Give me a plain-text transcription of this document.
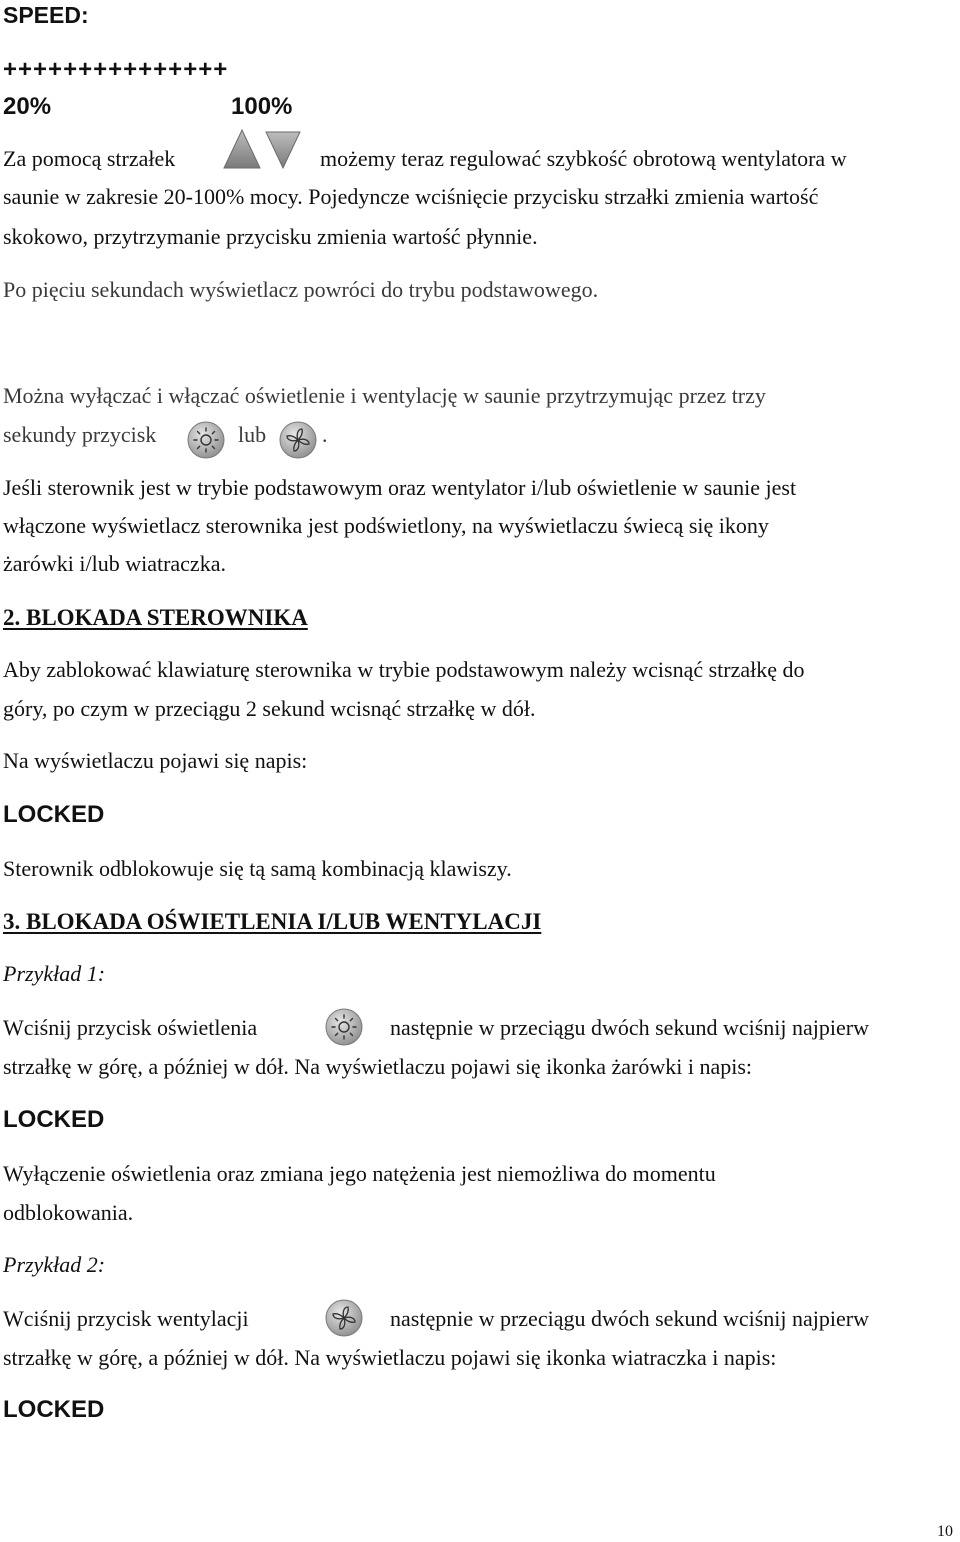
SPEED:
+++++++++++++++
20%	100%
Za pomocą strzałek	możemy teraz regulować szybkość obrotową wentylatora w
saunie w zakresie 20-100% mocy. Pojedyncze wciśnięcie przycisku strzałki zmienia wartość
skokowo, przytrzymanie przycisku zmienia wartość płynnie.
Po pięciu sekundach wyświetlacz powróci do trybu podstawowego.
Można wyłączać i włączać oświetlenie i wentylację w saunie przytrzymując przez trzy
sekundy przycisk	lub	.
Jeśli sterownik jest w trybie podstawowym oraz wentylator i/lub oświetlenie w saunie jest
włączone wyświetlacz sterownika jest podświetlony, na wyświetlaczu świecą się ikony
żarówki i/lub wiatraczka.
2. BLOKADA STEROWNIKA
Aby zablokować klawiaturę sterownika w trybie podstawowym należy wcisnąć strzałkę do
góry, po czym w przeciągu 2 sekund wcisnąć strzałkę w dół.
Na wyświetlaczu pojawi się napis:
LOCKED
Sterownik odblokowuje się tą samą kombinacją klawiszy.
3. BLOKADA OŚWIETLENIA I/LUB WENTYLACJI
Przykład 1:
Wciśnij przycisk oświetlenia	następnie w przeciągu dwóch sekund wciśnij najpierw
strzałkę w górę, a później w dół. Na wyświetlaczu pojawi się ikonka żarówki i napis:
LOCKED
Wyłączenie oświetlenia oraz zmiana jego natężenia jest niemożliwa do momentu
odblokowania.
Przykład 2:
Wciśnij przycisk wentylacji	następnie w przeciągu dwóch sekund wciśnij najpierw
strzałkę w górę, a później w dół. Na wyświetlaczu pojawi się ikonka wiatraczka i napis:
LOCKED
10
